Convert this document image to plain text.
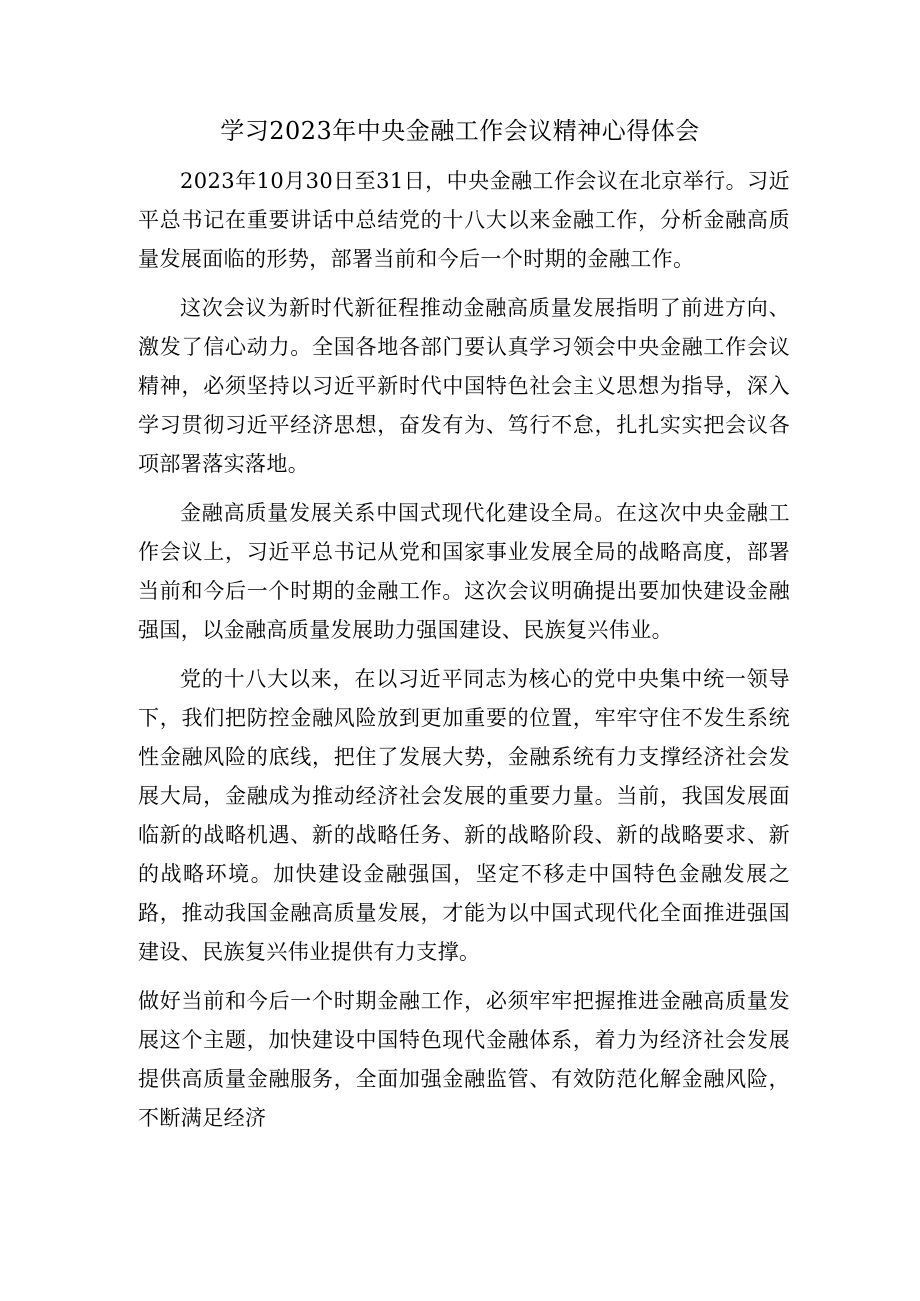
学习2023年中央金融工作会议精神心得体会

2023年10月30日至31日，中央金融工作会议在北京举行。习近平总书记在重要讲话中总结党的十八大以来金融工作，分析金融高质量发展面临的形势，部署当前和今后一个时期的金融工作。

这次会议为新时代新征程推动金融高质量发展指明了前进方向、激发了信心动力。全国各地各部门要认真学习领会中央金融工作会议精神，必须坚持以习近平新时代中国特色社会主义思想为指导，深入学习贯彻习近平经济思想，奋发有为、笃行不怠，扎扎实实把会议各项部署落实落地。

金融高质量发展关系中国式现代化建设全局。在这次中央金融工作会议上，习近平总书记从党和国家事业发展全局的战略高度，部署当前和今后一个时期的金融工作。这次会议明确提出要加快建设金融强国，以金融高质量发展助力强国建设、民族复兴伟业。

党的十八大以来，在以习近平同志为核心的党中央集中统一领导下，我们把防控金融风险放到更加重要的位置，牢牢守住不发生系统性金融风险的底线，把住了发展大势，金融系统有力支撑经济社会发展大局，金融成为推动经济社会发展的重要力量。当前，我国发展面临新的战略机遇、新的战略任务、新的战略阶段、新的战略要求、新的战略环境。加快建设金融强国，坚定不移走中国特色金融发展之路，推动我国金融高质量发展，才能为以中国式现代化全面推进强国建设、民族复兴伟业提供有力支撑。

做好当前和今后一个时期金融工作，必须牢牢把握推进金融高质量发展这个主题，加快建设中国特色现代金融体系，着力为经济社会发展提供高质量金融服务，全面加强金融监管、有效防范化解金融风险，不断满足经济
